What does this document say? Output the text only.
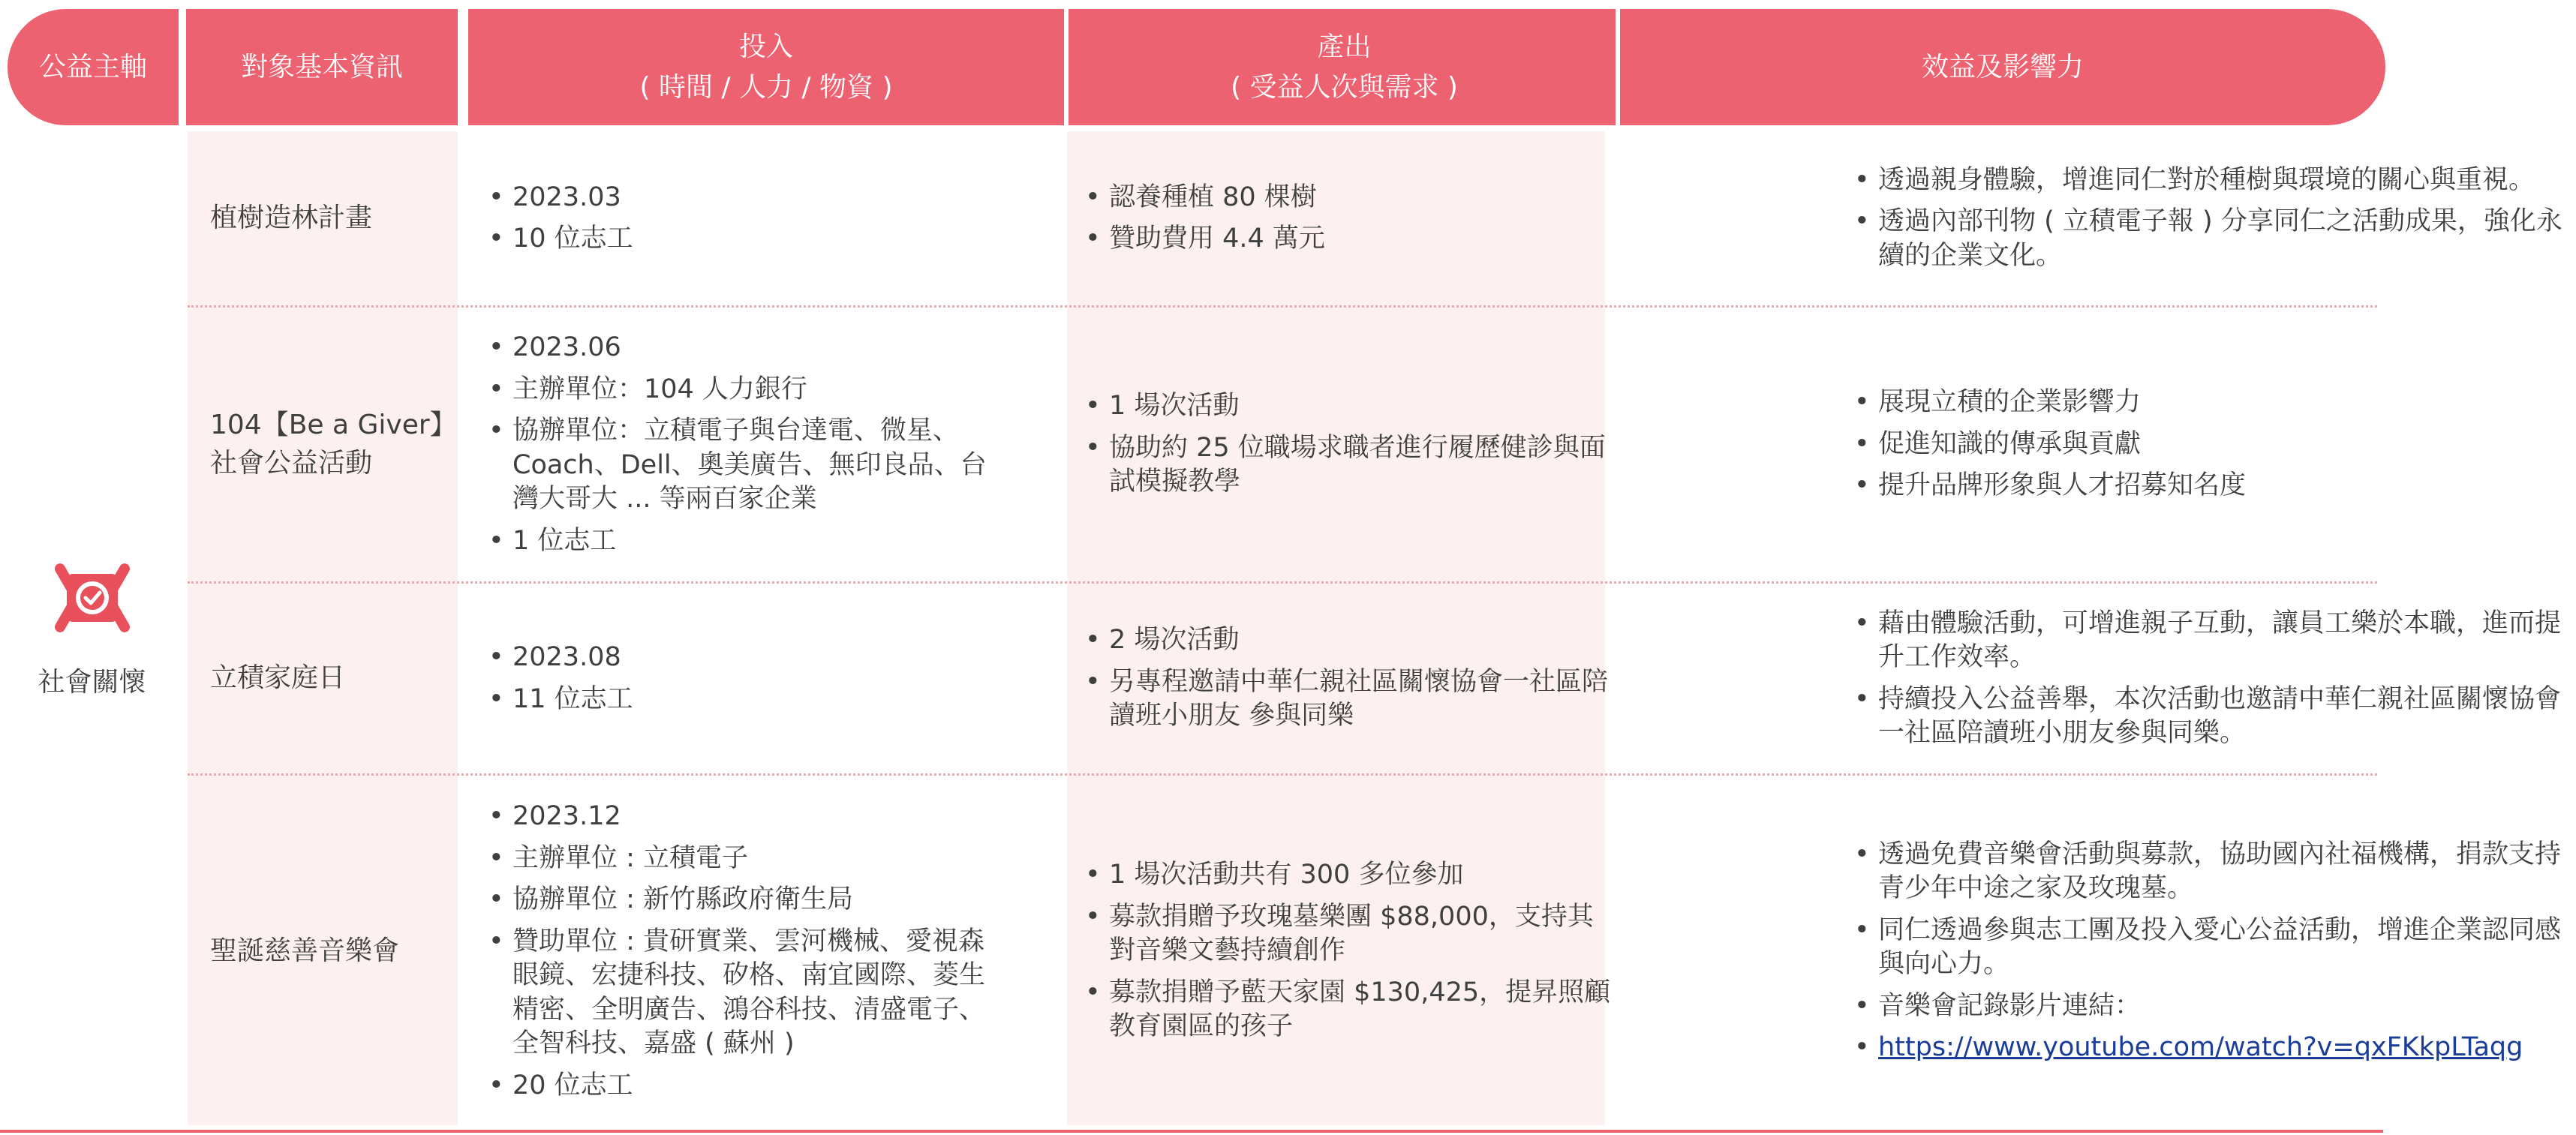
公益主軸	對象基本資訊
投入
( 時間 / 人力 / 物資 )
產出
( 受益人次與需求 )
效益及影響力
社會關懷
植樹造林計畫
• 2023.03
• 10 位志工
• 認養種植 80 棵樹
• 贊助費用 4.4 萬元
• 透過親身體驗，增進同仁對於種樹與環境的關心與重視。
• 透過內部刊物 ( 立積電子報 ) 分享同仁之活動成果，強化永續的企業文化。
104【Be a Giver】
社會公益活動
• 2023.06
• 主辦單位：104 人力銀行
• 協辦單位：立積電子與台達電、微星、Coach、Dell、奧美廣告、無印良品、台灣大哥大 ... 等兩百家企業
• 1 位志工
• 1 場次活動
• 協助約 25 位職場求職者進行履歷健診與面試模擬教學
• 展現立積的企業影響力
• 促進知識的傳承與貢獻
• 提升品牌形象與人才招募知名度
立積家庭日
• 2023.08
• 11 位志工
• 2 場次活動
• 另專程邀請中華仁親社區關懷協會一社區陪讀班小朋友 參與同樂
• 藉由體驗活動，可增進親子互動，讓員工樂於本職，進而提升工作效率。
• 持續投入公益善舉，本次活動也邀請中華仁親社區關懷協會一社區陪讀班小朋友參與同樂。
聖誕慈善音樂會
• 2023.12
• 主辦單位 : 立積電子
• 協辦單位 : 新竹縣政府衛生局
• 贊助單位 : 貴研實業、雲河機械、愛視森眼鏡、宏捷科技、矽格、南宜國際、菱生精密、全明廣告、鴻谷科技、清盛電子、全智科技、嘉盛 ( 蘇州 )
• 20 位志工
• 1 場次活動共有 300 多位參加
• 募款捐贈予玫瑰墓樂團 $88,000，支持其對音樂文藝持續創作
• 募款捐贈予藍天家園 $130,425，提昇照顧教育園區的孩子
• 透過免費音樂會活動與募款，協助國內社福機構，捐款支持青少年中途之家及玫瑰墓。
• 同仁透過參與志工團及投入愛心公益活動，增進企業認同感與向心力。
• 音樂會記錄影片連結：
• https://www.youtube.com/watch?v=qxFKkpLTaqg
